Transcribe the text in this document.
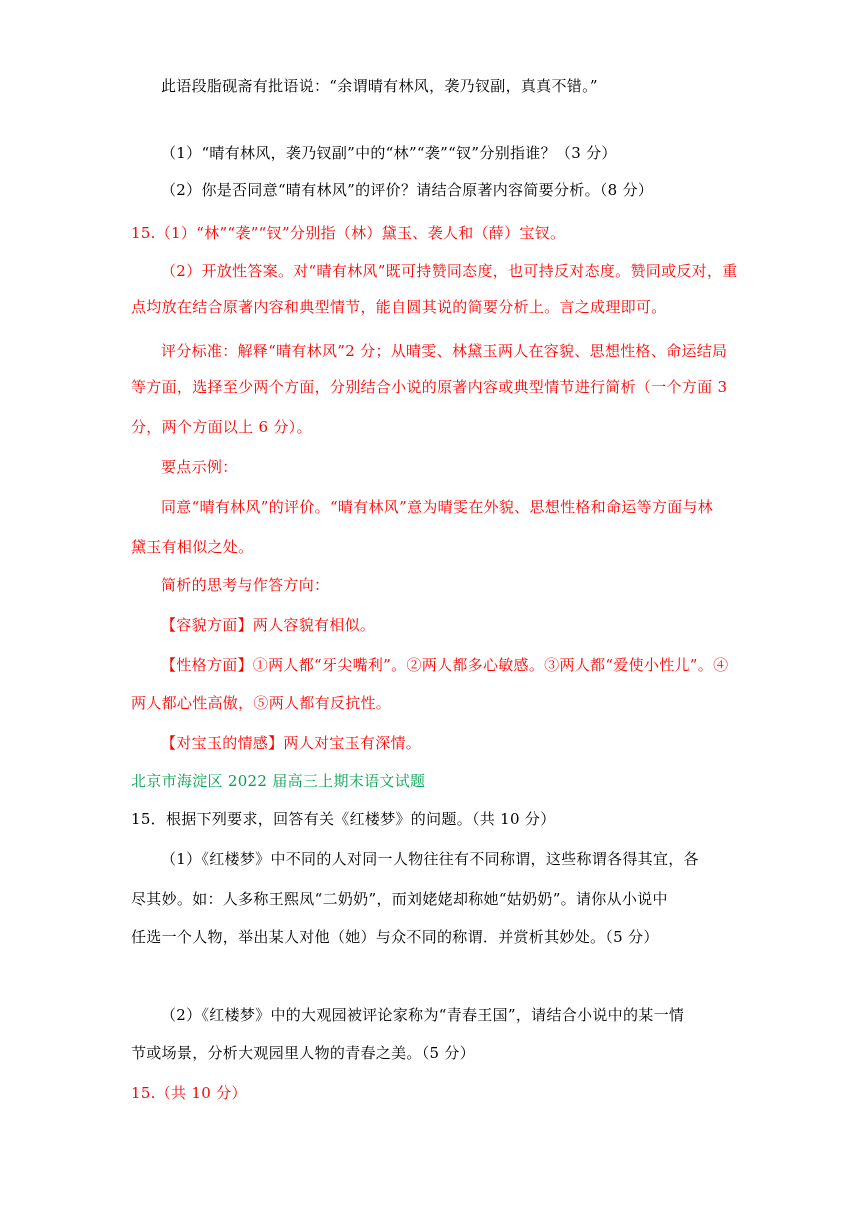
此语段脂砚斋有批语说：“余谓晴有林风，袭乃钗副，真真不错。”
（1）“晴有林风，袭乃钗副”中的“林”“袭”“钗”分别指谁？（3 分）
（2）你是否同意“晴有林风”的评价？请结合原著内容简要分析。（8 分）
15.（1）“林”“袭”“钗”分别指（林）黛玉、袭人和（薛）宝钗。
（2）开放性答案。对“晴有林风”既可持赞同态度，也可持反对态度。赞同或反对，重
点均放在结合原著内容和典型情节，能自圆其说的简要分析上。言之成理即可。
评分标准：解释“晴有林风”2 分；从晴雯、林黛玉两人在容貌、思想性格、命运结局
等方面，选择至少两个方面，分别结合小说的原著内容或典型情节进行简析（一个方面 3
分，两个方面以上 6 分）。
要点示例：
同意“晴有林风”的评价。“晴有林风”意为晴雯在外貌、思想性格和命运等方面与林
黛玉有相似之处。
简析的思考与作答方向：
【容貌方面】两人容貌有相似。
【性格方面】①两人都“牙尖嘴利”。②两人都多心敏感。③两人都“爱使小性儿”。④
两人都心性高傲，⑤两人都有反抗性。
【对宝玉的情感】两人对宝玉有深情。
北京市海淀区 2022 届高三上期末语文试题
15．根据下列要求，回答有关《红楼梦》的问题。（共 10 分）
（1）《红楼梦》中不同的人对同一人物往往有不同称谓，这些称谓各得其宜，各
尽其妙。如：人多称王熙凤“二奶奶”，而刘姥姥却称她“姑奶奶”。请你从小说中
任选一个人物，举出某人对他（她）与众不同的称谓．并赏析其妙处。（5 分）
（2）《红楼梦》中的大观园被评论家称为“青春王国”，请结合小说中的某一情
节或场景，分析大观园里人物的青春之美。（5 分）
15.（共 10 分）
